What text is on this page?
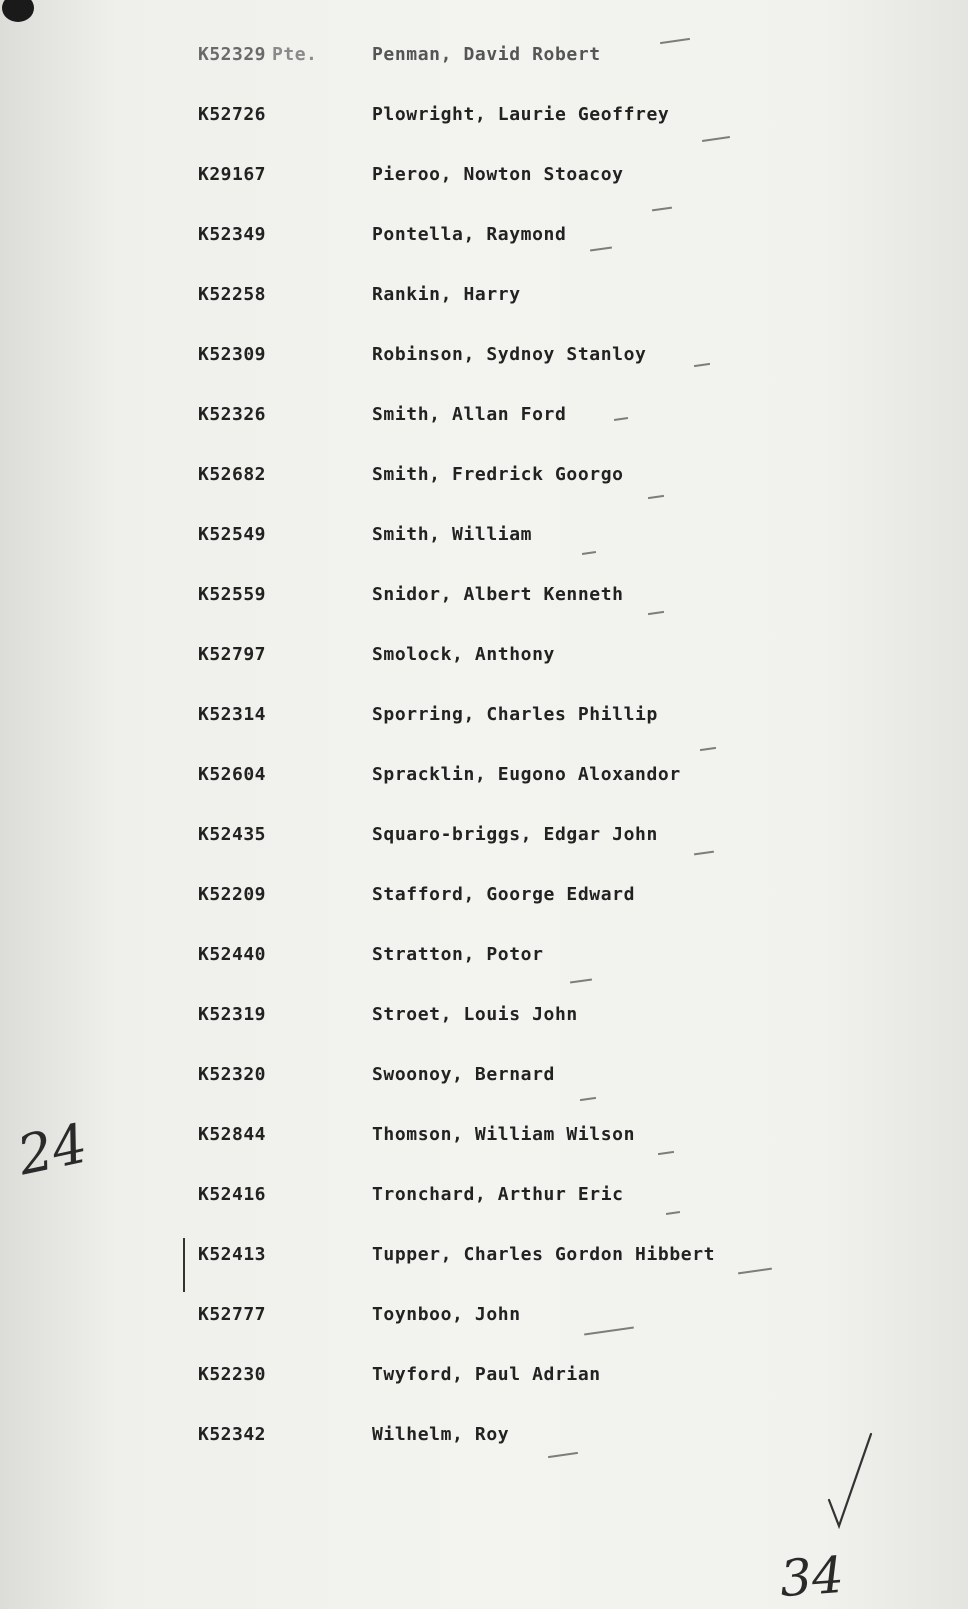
K52329 Pte.	Penman, David Robert
K52726	Plowright, Laurie Geoffrey
K29167	Pieroo, Nowton Stoacoy
K52349	Pontella, Raymond
K52258	Rankin, Harry
K52309	Robinson, Sydnoy Stanloy
K52326	Smith, Allan Ford
K52682	Smith, Fredrick Goorgo
K52549	Smith, William
K52559	Snidor, Albert Kenneth
K52797	Smolock, Anthony
K52314	Sporring, Charles Phillip
K52604	Spracklin, Eugono Aloxandor
K52435	Squaro-briggs, Edgar John
K52209	Stafford, Goorge Edward
K52440	Stratton, Potor
K52319	Stroet, Louis John
K52320	Swoonoy, Bernard
K52844	Thomson, William Wilson
K52416	Tronchard, Arthur Eric
K52413	Tupper, Charles Gordon Hibbert
K52777	Toynboo, John
K52230	Twyford, Paul Adrian
K52342	Wilhelm, Roy
24
34
